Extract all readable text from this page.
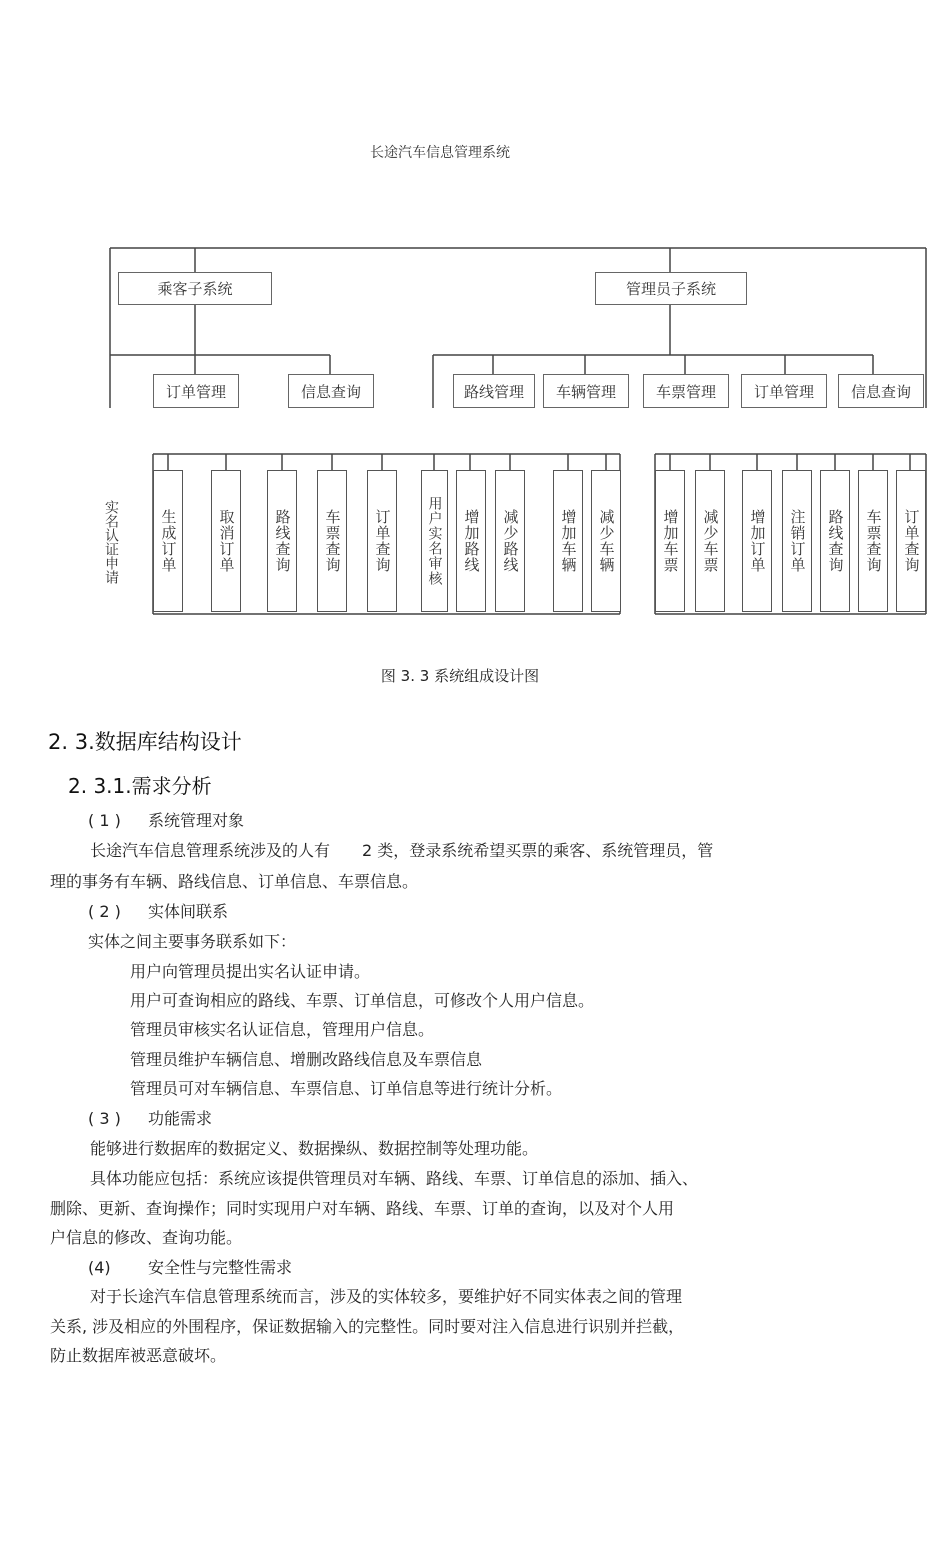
长途汽车信息管理系统
乘客子系统	管理员子系统
订单管理	信息查询	路线管理	车辆管理	车票管理	订单管理	信息查询
实名认证申请	生成订单	取消订单	路线查询	车票查询	订单查询	用户实名审核	增加路线	减少路线	增加车辆	减少车辆	增加车票	减少车票	增加订单	注销订单	路线查询	车票查询	订单查询
图 3. 3 系统组成设计图
2. 3.数据库结构设计
2. 3.1.需求分析
( 1 ) 系统管理对象
长途汽车信息管理系统涉及的人有　　2 类，登录系统希望买票的乘客、系统管理员，管
理的事务有车辆、路线信息、订单信息、车票信息。
( 2 ) 实体间联系
实体之间主要事务联系如下：
用户向管理员提出实名认证申请。
用户可查询相应的路线、车票、订单信息，可修改个人用户信息。
管理员审核实名认证信息，管理用户信息。
管理员维护车辆信息、增删改路线信息及车票信息
管理员可对车辆信息、车票信息、订单信息等进行统计分析。
( 3 ) 功能需求
能够进行数据库的数据定义、数据操纵、数据控制等处理功能。
具体功能应包括：系统应该提供管理员对车辆、路线、车票、订单信息的添加、插入、
删除、更新、查询操作；同时实现用户对车辆、路线、车票、订单的查询，以及对个人用
户信息的修改、查询功能。
(4) 安全性与完整性需求
对于长途汽车信息管理系统而言，涉及的实体较多，要维护好不同实体表之间的管理
关系, 涉及相应的外围程序，保证数据输入的完整性。同时要对注入信息进行识别并拦截，
防止数据库被恶意破坏。
